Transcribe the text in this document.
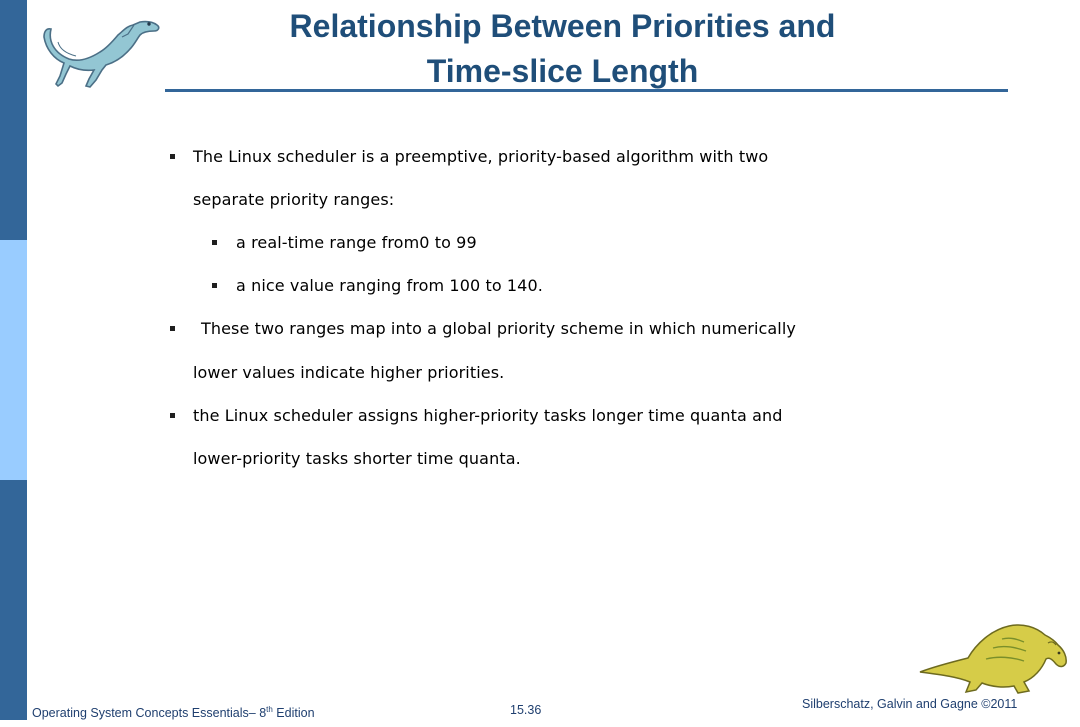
Relationship Between Priorities and
Time-slice Length
The Linux scheduler is a preemptive, priority-based algorithm with two
separate priority ranges:
a real-time range from0 to 99
a nice value ranging from 100 to 140.
These two ranges map into a global priority scheme in which numerically
lower values indicate higher priorities.
the Linux scheduler assigns higher-priority tasks longer time quanta and
lower-priority tasks shorter time quanta.
Operating System Concepts Essentials– 8th Edition	15.36	Silberschatz, Galvin and Gagne ©2011
